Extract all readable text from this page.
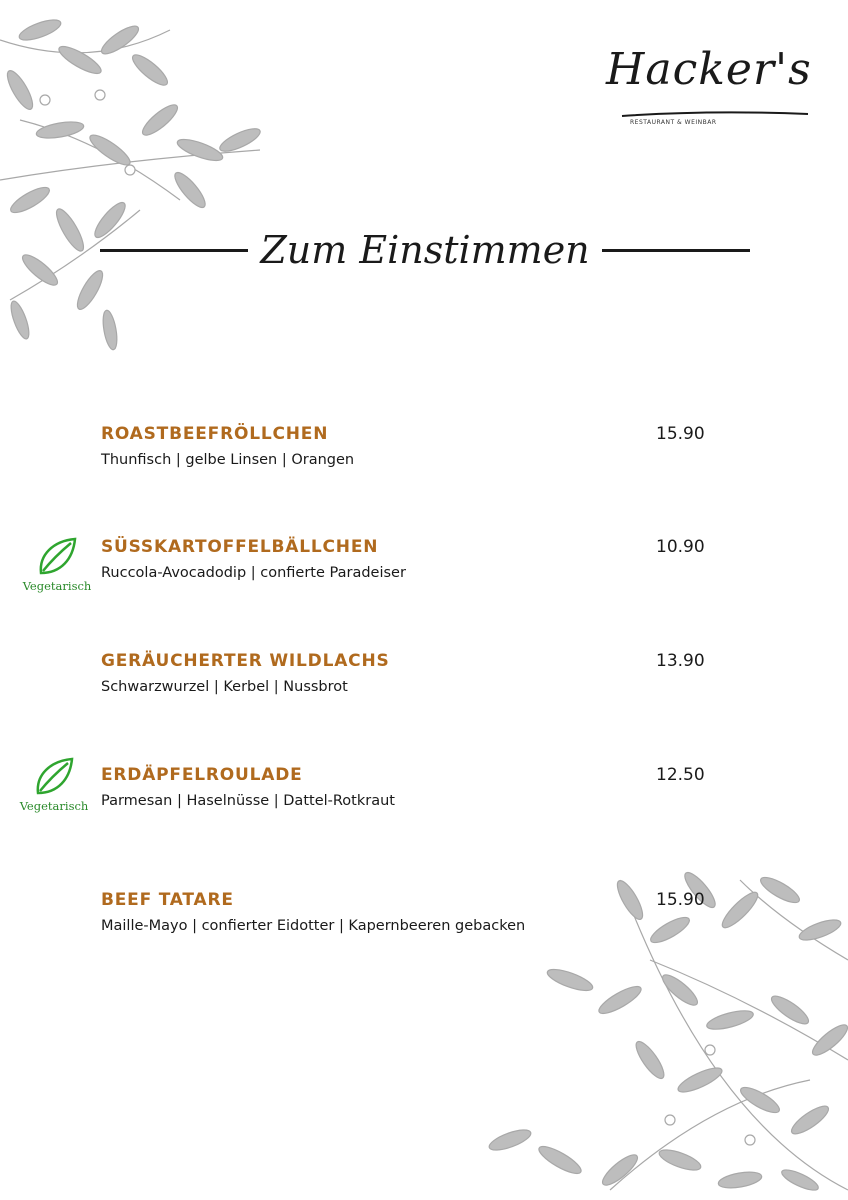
Hacker's
RESTAURANT & WEINBAR
Zum Einstimmen
ROASTBEEFRÖLLCHEN
Thunfisch | gelbe Linsen | Orangen
15.90
Vegetarisch
SÜSSKARTOFFELBÄLLCHEN
Ruccola-Avocadodip | confierte Paradeiser
10.90
GERÄUCHERTER WILDLACHS
Schwarzwurzel | Kerbel | Nussbrot
13.90
Vegetarisch
ERDÄPFELROULADE
Parmesan | Haselnüsse | Dattel-Rotkraut
12.50
BEEF TATARE
Maille-Mayo | confierter Eidotter | Kapernbeeren gebacken
15.90
